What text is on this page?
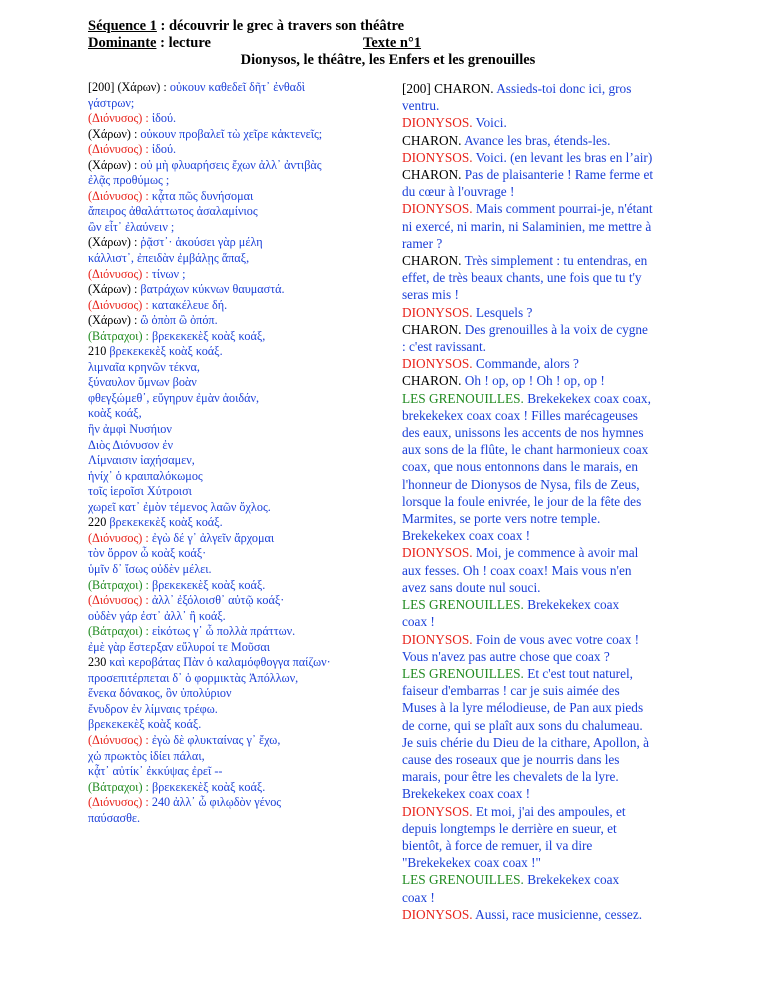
Séquence 1 : découvrir le grec à travers son théâtre
Dominante : lecture	Texte n°1
Dionysos, le théâtre, les Enfers et les grenouilles
[200] (Χάρων) : οὐκουν καθεδεῖ δῆτ᾽ ἐνθαδὶ
γάστρων;
(Διόνυσος) : ἰδού.
(Χάρων) : οὐκουν προβαλεῖ τὼ χεῖρε κἀκτενεῖς;
(Διόνυσος) : ἰδού.
(Χάρων) : οὐ μὴ φλυαρήσεις ἔχων ἀλλ᾽ ἀντιβὰς
ἐλᾷς προθύμως ;
(Διόνυσος) : κᾆτα πῶς δυνήσομαι
ἄπειρος ἀθαλάττωτος ἀσαλαμίνιος
ὢν εἶτ᾽ ἐλαύνειν ;
(Χάρων) : ῥᾷστ᾽· ἀκούσει γὰρ μέλη
κάλλιστ᾽, ἐπειδὰν ἐμβάλῃς ἅπαξ,
(Διόνυσος) : τίνων ;
(Χάρων) : βατράχων κύκνων θαυμαστά.
(Διόνυσος) : κατακέλευε δή.
(Χάρων) : ὢ ὀπὸπ ὢ ὀπόπ.
(Βάτραχοι) : βρεκεκεκὲξ κοὰξ κοάξ,
210 βρεκεκεκὲξ κοὰξ κοάξ.
λιμναῖα κρηνῶν τέκνα,
ξύναυλον ὕμνων βοὰν
φθεγξώμεθ᾽, εὔγηρυν ἐμὰν ἀοιδάν,
κοὰξ κοάξ,
ἣν ἀμφὶ Νυσήιον
Διὸς Διόνυσον ἐν
Λίμναισιν ἰαχήσαμεν,
ἡνίχ᾽ ὁ κραιπαλόκωμος
τοῖς ἱεροῖσι Χύτροισι
χωρεῖ κατ᾽ ἐμὸν τέμενος λαῶν ὄχλος.
220 βρεκεκεκὲξ κοὰξ κοάξ.
(Διόνυσος) : ἐγὼ δέ γ᾽ ἀλγεῖν ἄρχομαι
τὸν ὄρρον ὦ κοὰξ κοάξ·
ὑμῖν δ᾽ ἴσως οὐδὲν μέλει.
(Βάτραχοι) : βρεκεκεκὲξ κοὰξ κοάξ.
(Διόνυσος) : ἀλλ᾽ ἐξόλοισθ᾽ αὐτῷ κοάξ·
οὐδὲν γάρ ἐστ᾽ ἀλλ᾽ ἢ κοάξ.
(Βάτραχοι) : εἰκότως γ᾽ ὦ πολλὰ πράττων.
ἐμὲ γὰρ ἔστερξαν εὔλυροί τε Μοῦσαι
230 καὶ κεροβάτας Πὰν ὁ καλαμόφθογγα παίζων·
προσεπιτέρπεται δ᾽ ὁ φορμικτὰς Ἀπόλλων,
ἕνεκα δόνακος, ὃν ὑπολύριον
ἔνυδρον ἐν λίμναις τρέφω.
βρεκεκεκὲξ κοὰξ κοάξ.
(Διόνυσος) : ἐγὼ δὲ φλυκταίνας γ᾽ ἔχω,
χὠ πρωκτὸς ἰδίει πάλαι,
κᾆτ᾽ αὐτίκ᾽ ἐκκύψας ἐρεῖ --
(Βάτραχοι) : βρεκεκεκὲξ κοὰξ κοάξ.
(Διόνυσος) : 240 ἀλλ᾽ ὦ φιλῳδὸν γένος
παύσασθε.
[200] CHARON. Assieds-toi donc ici, gros
ventru.
DIONYSOS. Voici.
CHARON. Avance les bras, étends-les.
DIONYSOS. Voici. (en levant les bras en l’air)
CHARON. Pas de plaisanterie ! Rame ferme et
du cœur à l'ouvrage !
DIONYSOS. Mais comment pourrai-je, n'étant
ni exercé, ni marin, ni Salaminien, me mettre à
ramer ?
CHARON. Très simplement : tu entendras, en
effet, de très beaux chants, une fois que tu t'y
seras mis !
DIONYSOS. Lesquels ?
CHARON. Des grenouilles à la voix de cygne
: c'est ravissant.
DIONYSOS. Commande, alors ?
CHARON. Oh ! op, op ! Oh ! op, op !
LES GRENOUILLES. Brekekekex coax coax,
brekekekex coax coax ! Filles marécageuses
des eaux, unissons les accents de nos hymnes
aux sons de la flûte, le chant harmonieux coax
coax, que nous entonnons dans le marais, en
l'honneur de Dionysos de Nysa, fils de Zeus,
lorsque la foule enivrée, le jour de la fête des
Marmites, se porte vers notre temple.
Brekekekex coax coax !
DIONYSOS. Moi, je commence à avoir mal
aux fesses. Oh ! coax coax! Mais vous n'en
avez sans doute nul souci.
LES GRENOUILLES. Brekekekex coax
coax !
DIONYSOS. Foin de vous avec votre coax !
Vous n'avez pas autre chose que coax ?
LES GRENOUILLES. Et c'est tout naturel,
faiseur d'embarras ! car je suis aimée des
Muses à la lyre mélodieuse, de Pan aux pieds
de corne, qui se plaît aux sons du chalumeau.
Je suis chérie du Dieu de la cithare, Apollon, à
cause des roseaux que je nourris dans les
marais, pour être les chevalets de la lyre.
Brekekekex coax coax !
DIONYSOS. Et moi, j'ai des ampoules, et
depuis longtemps le derrière en sueur, et
bientôt, à force de remuer, il va dire
"Brekekekex coax coax !"
LES GRENOUILLES. Brekekekex coax
coax !
DIONYSOS. Aussi, race musicienne, cessez.
